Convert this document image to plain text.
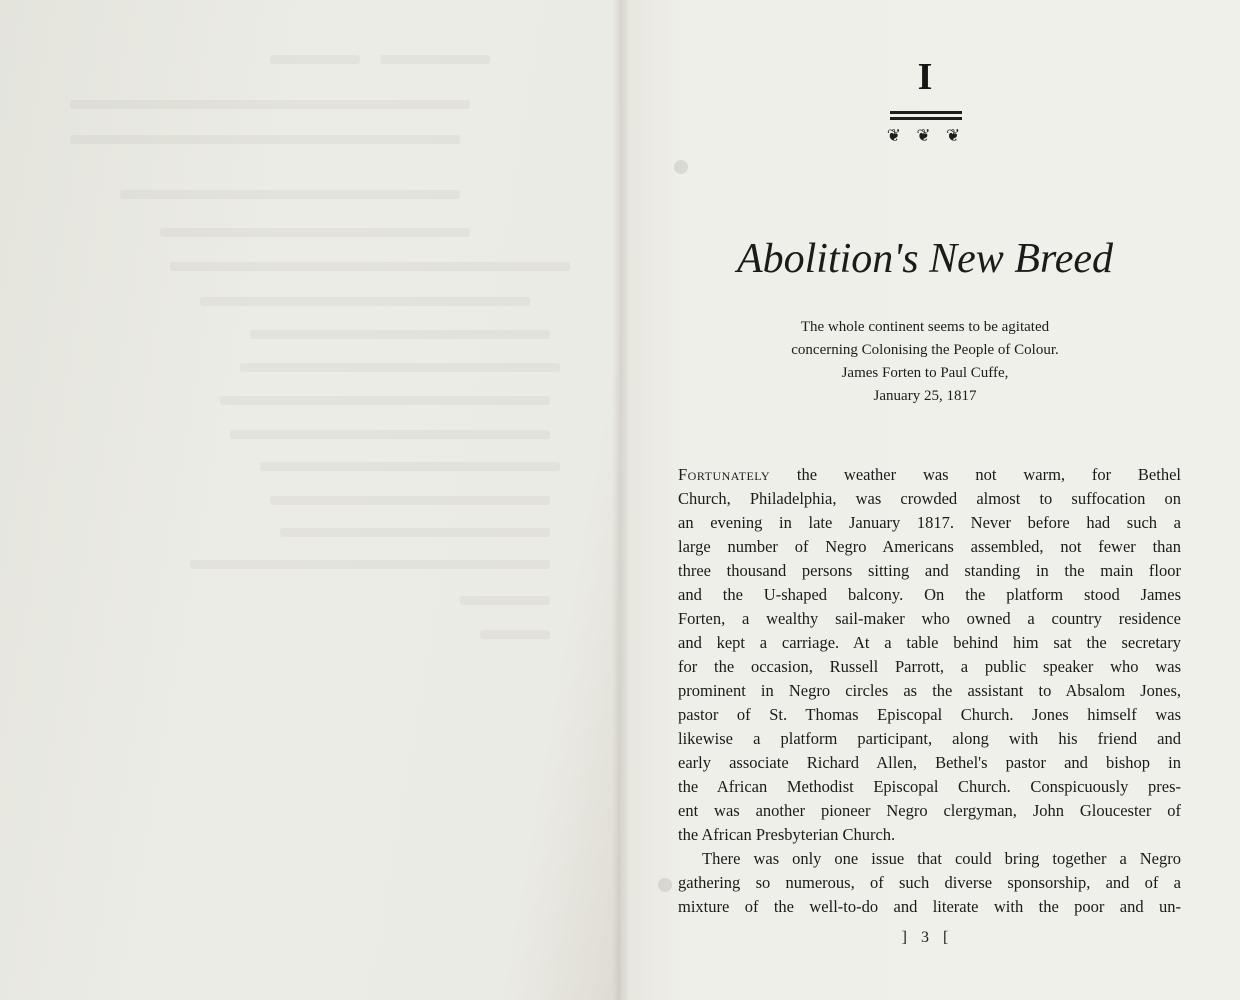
I
❦ ❦ ❦
Abolition's New Breed

The whole continent seems to be agitated

concerning Colonising the People of Colour.

James Forten to Paul Cuffe,

January 25, 1817

Fortunately the weather was not warm, for Bethel
Church, Philadelphia, was crowded almost to suffocation on
an evening in late January 1817. Never before had such a
large number of Negro Americans assembled, not fewer than
three thousand persons sitting and standing in the main floor
and the U-shaped balcony. On the platform stood James
Forten, a wealthy sail-maker who owned a country residence
and kept a carriage. At a table behind him sat the secretary
for the occasion, Russell Parrott, a public speaker who was
prominent in Negro circles as the assistant to Absalom Jones,
pastor of St. Thomas Episcopal Church. Jones himself was
likewise a platform participant, along with his friend and
early associate Richard Allen, Bethel's pastor and bishop in
the African Methodist Episcopal Church. Conspicuously pres-
ent was another pioneer Negro clergyman, John Gloucester of
the African Presbyterian Church.

There was only one issue that could bring together a Negro
gathering so numerous, of such diverse sponsorship, and of a
mixture of the well-to-do and literate with the poor and un-

] 3 [
